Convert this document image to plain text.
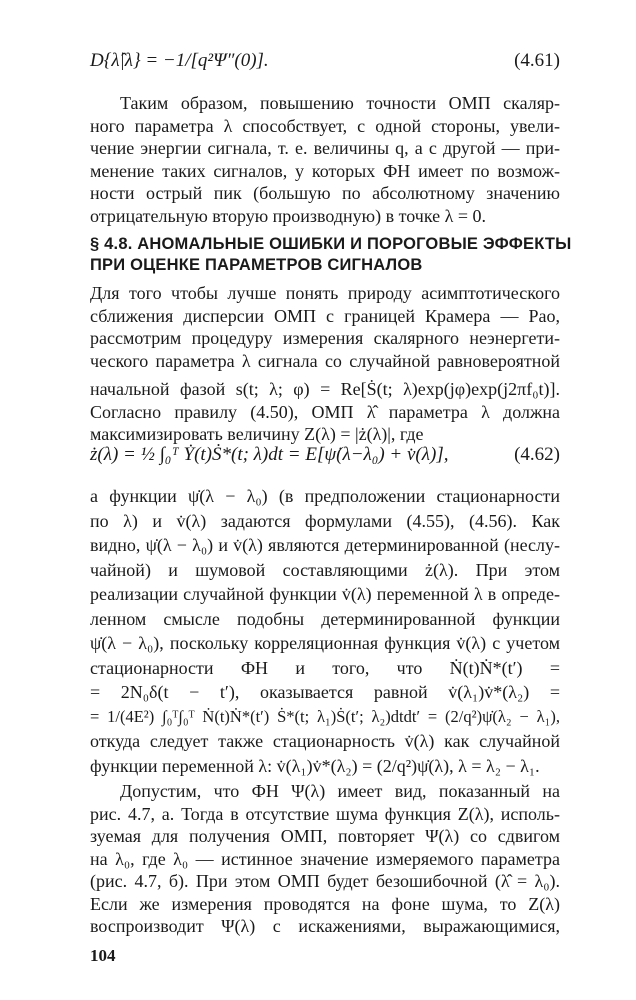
D{λ̂|λ} = −1/[q²Ψ″(0)].	(4.61)
Таким образом, повышению точности ОМП скаляр-
ного параметра λ способствует, с одной стороны, увели-
чение энергии сигнала, т. е. величины q, а с другой — при-
менение таких сигналов, у которых ФН имеет по возмож-
ности острый пик (большую по абсолютному значению
отрицательную вторую производную) в точке λ = 0.
§ 4.8. АНОМАЛЬНЫЕ ОШИБКИ И ПОРОГОВЫЕ ЭФФЕКТЫ
ПРИ ОЦЕНКЕ ПАРАМЕТРОВ СИГНАЛОВ
Для того чтобы лучше понять природу асимптотического
сближения дисперсии ОМП с границей Крамера — Рао,
рассмотрим процедуру измерения скалярного неэнергети-
ческого параметра λ сигнала со случайной равновероятной
начальной фазой s(t; λ; φ) = Re[Ṡ(t; λ)exp(jφ)exp(j2πf₀t)].
Согласно правилу (4.50), ОМП λ̂ параметра λ должна
максимизировать величину Z(λ) = |ż(λ)|, где
ż(λ) = ½ ∫₀ᵀ Ẏ(t)Ṡ*(t; λ)dt = E[ψ̇(λ−λ₀) + v̇(λ)],	(4.62)
а функции ψ̇(λ − λ₀) (в предположении стационарности
по λ) и v̇(λ) задаются формулами (4.55), (4.56). Как
видно, ψ̇(λ − λ₀) и v̇(λ) являются детерминированной (неслу-
чайной) и шумовой составляющими ż(λ). При этом
реализации случайной функции v̇(λ) переменной λ в опреде-
ленном смысле подобны детерминированной функции
ψ̇(λ − λ₀), поскольку корреляционная функция v̇(λ) с учетом
стационарности ФН и того, что Ṅ(t)Ṅ*(t′) =
= 2N₀δ(t − t′), оказывается равной v̇(λ₁)v̇*(λ₂) =
= 1/(4E²) ∫₀ᵀ∫₀ᵀ Ṅ(t)Ṅ*(t′) Ṡ*(t; λ₁)Ṡ(t′; λ₂)dtdt′ = (2/q²)ψ̇(λ₂ − λ₁),
откуда следует также стационарность v̇(λ) как случайной
функции переменной λ: v̇(λ₁)v̇*(λ₂) = (2/q²)ψ̇(λ), λ = λ₂ − λ₁.
Допустим, что ФН Ψ(λ) имеет вид, показанный на
рис. 4.7, а. Тогда в отсутствие шума функция Z(λ), исполь-
зуемая для получения ОМП, повторяет Ψ(λ) со сдвигом
на λ₀, где λ₀ — истинное значение измеряемого параметра
(рис. 4.7, б). При этом ОМП будет безошибочной (λ̂ = λ₀).
Если же измерения проводятся на фоне шума, то Z(λ)
воспроизводит Ψ(λ) с искажениями, выражающимися,
104
